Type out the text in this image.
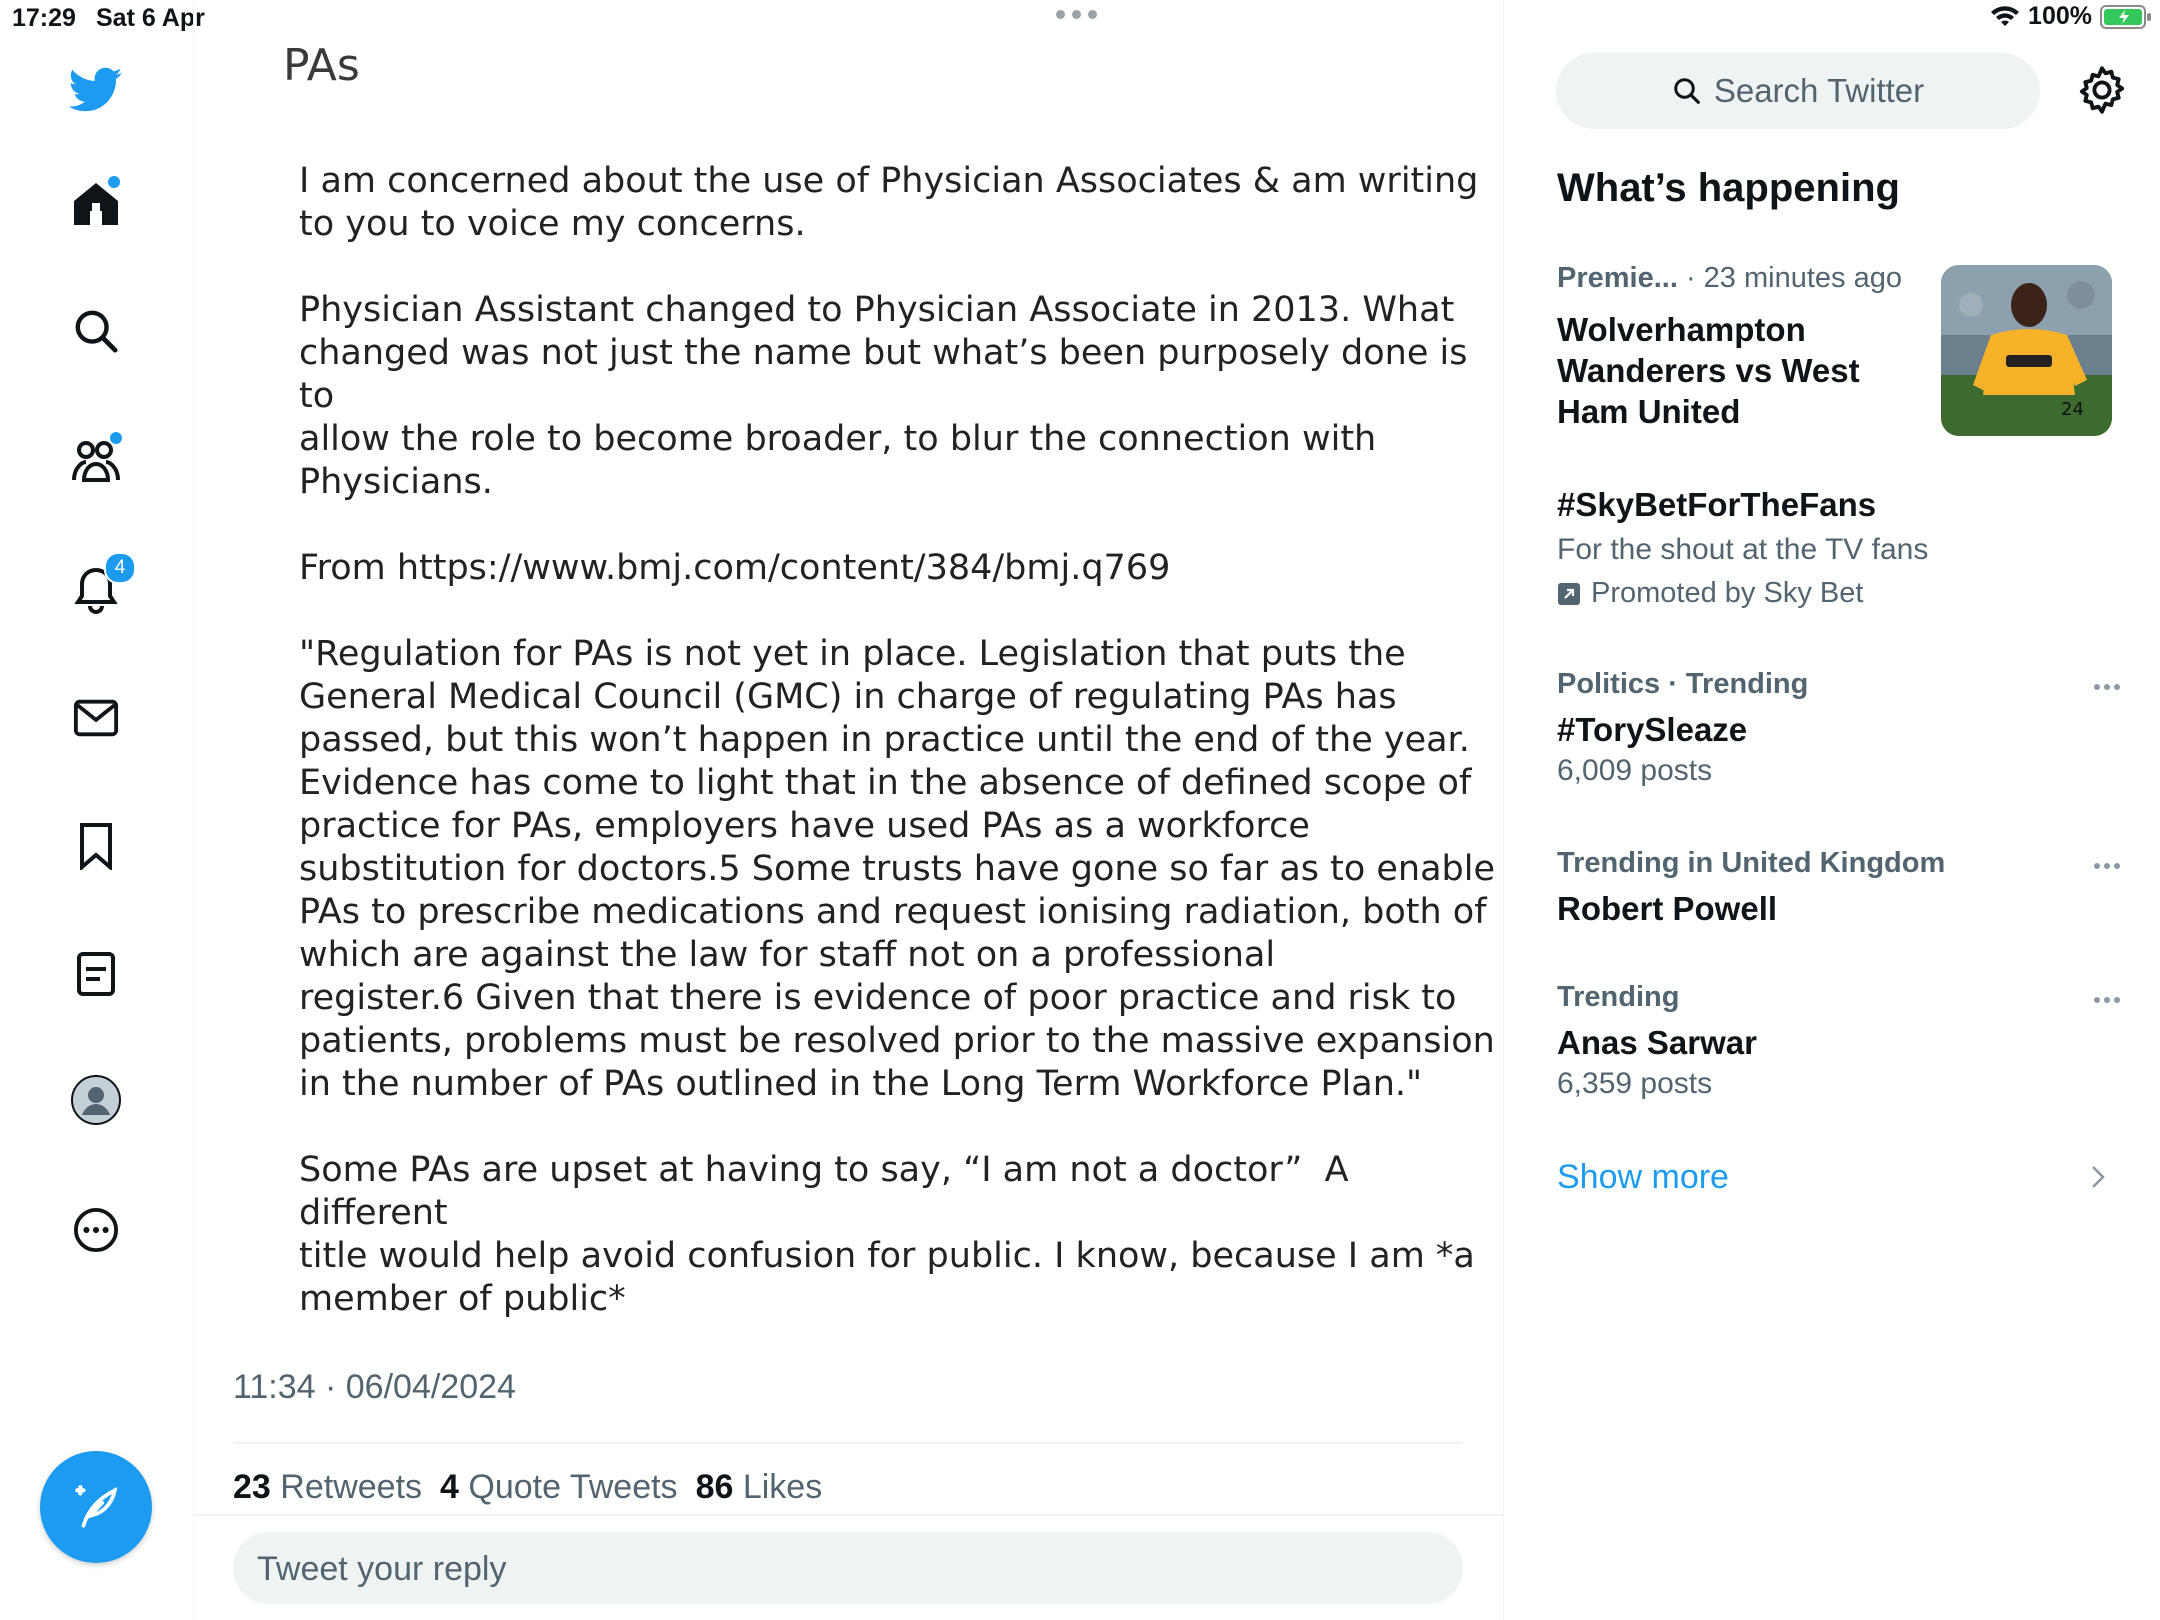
17:29 Sat 6 Apr	100%
4
PAs
I am concerned about the use of Physician Associates & am writing
to you to voice my concerns.

Physician Assistant changed to Physician Associate in 2013. What
changed was not just the name but what’s been purposely done is to
allow the role to become broader, to blur the connection with
Physicians.

From https://www.bmj.com/content/384/bmj.q769

"Regulation for PAs is not yet in place. Legislation that puts the
General Medical Council (GMC) in charge of regulating PAs has
passed, but this won’t happen in practice until the end of the year.
Evidence has come to light that in the absence of defined scope of
practice for PAs, employers have used PAs as a workforce
substitution for doctors.5 Some trusts have gone so far as to enable
PAs to prescribe medications and request ionising radiation, both of
which are against the law for staff not on a professional
register.6 Given that there is evidence of poor practice and risk to
patients, problems must be resolved prior to the massive expansion
in the number of PAs outlined in the Long Term Workforce Plan."

Some PAs are upset at having to say, “I am not a doctor”  A different
title would help avoid confusion for public. I know, because I am *a
member of public*

11:34 · 06/04/2024
23 Retweets 4 Quote Tweets 86 Likes
Tweet your reply
Search Twitter
What’s happening
Premie... · 23 minutes ago
Wolverhampton Wanderers vs West Ham United	24
#SkyBetForTheFans
For the shout at the TV fans
Promoted by Sky Bet
Politics · Trending
#TorySleaze
6,009 posts
Trending in United Kingdom
Robert Powell
Trending
Anas Sarwar
6,359 posts
Show more
